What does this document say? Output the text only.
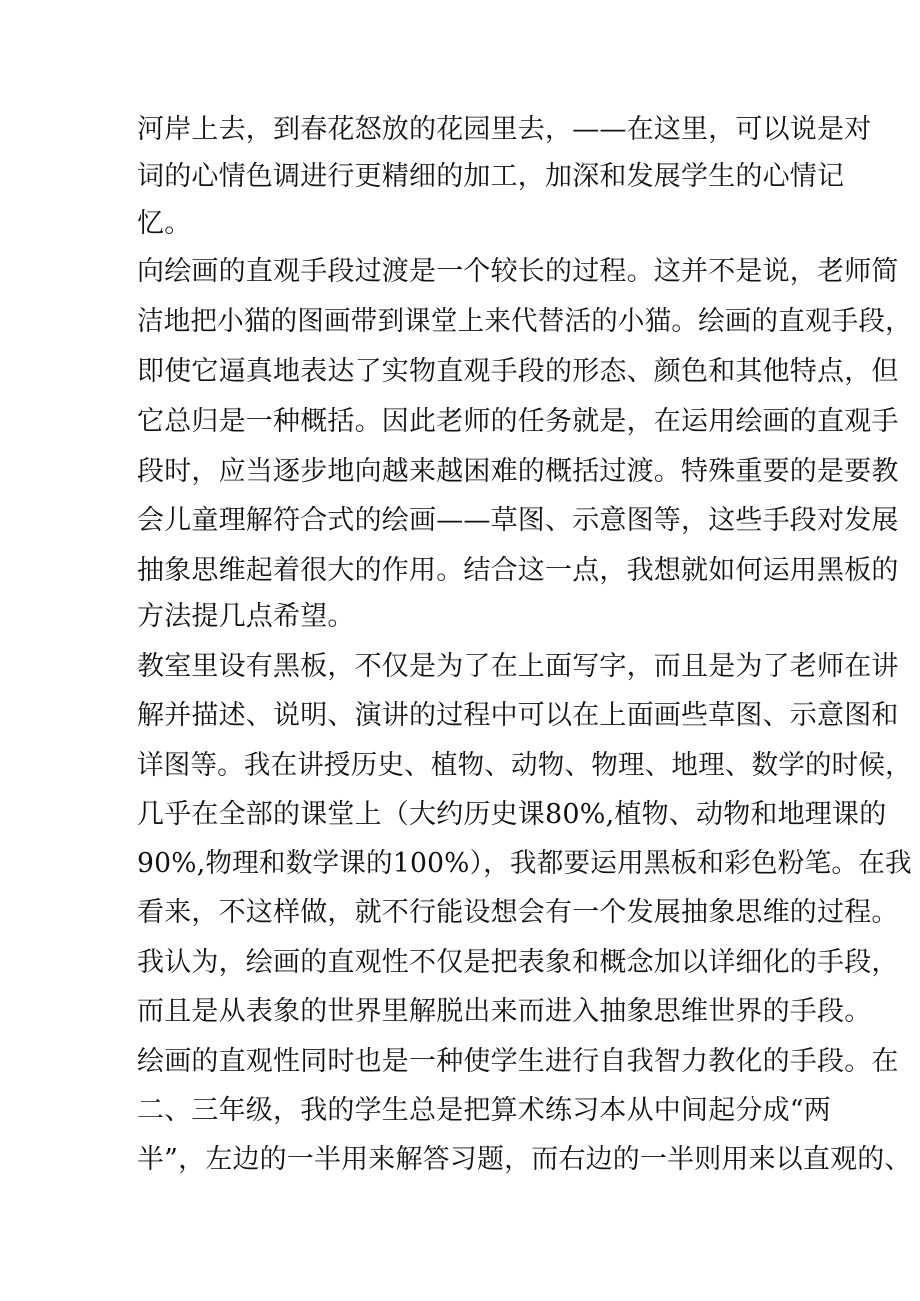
河岸上去，到春花怒放的花园里去，——在这里，可以说是对
词的心情色调进行更精细的加工，加深和发展学生的心情记
忆。
向绘画的直观手段过渡是一个较长的过程。这并不是说，老师简
洁地把小猫的图画带到课堂上来代替活的小猫。绘画的直观手段，
即使它逼真地表达了实物直观手段的形态、颜色和其他特点，但
它总归是一种概括。因此老师的任务就是，在运用绘画的直观手
段时，应当逐步地向越来越困难的概括过渡。特殊重要的是要教
会儿童理解符合式的绘画——草图、示意图等，这些手段对发展
抽象思维起着很大的作用。结合这一点，我想就如何运用黑板的
方法提几点希望。
教室里设有黑板，不仅是为了在上面写字，而且是为了老师在讲
解并描述、说明、演讲的过程中可以在上面画些草图、示意图和
详图等。我在讲授历史、植物、动物、物理、地理、数学的时候，
几乎在全部的课堂上（大约历史课80%,植物、动物和地理课的
90%,物理和数学课的100%），我都要运用黑板和彩色粉笔。在我
看来，不这样做，就不行能设想会有一个发展抽象思维的过程。
我认为，绘画的直观性不仅是把表象和概念加以详细化的手段，
而且是从表象的世界里解脱出来而进入抽象思维世界的手段。
绘画的直观性同时也是一种使学生进行自我智力教化的手段。在
二、三年级，我的学生总是把算术练习本从中间起分成“两
半”，左边的一半用来解答习题，而右边的一半则用来以直观的、
